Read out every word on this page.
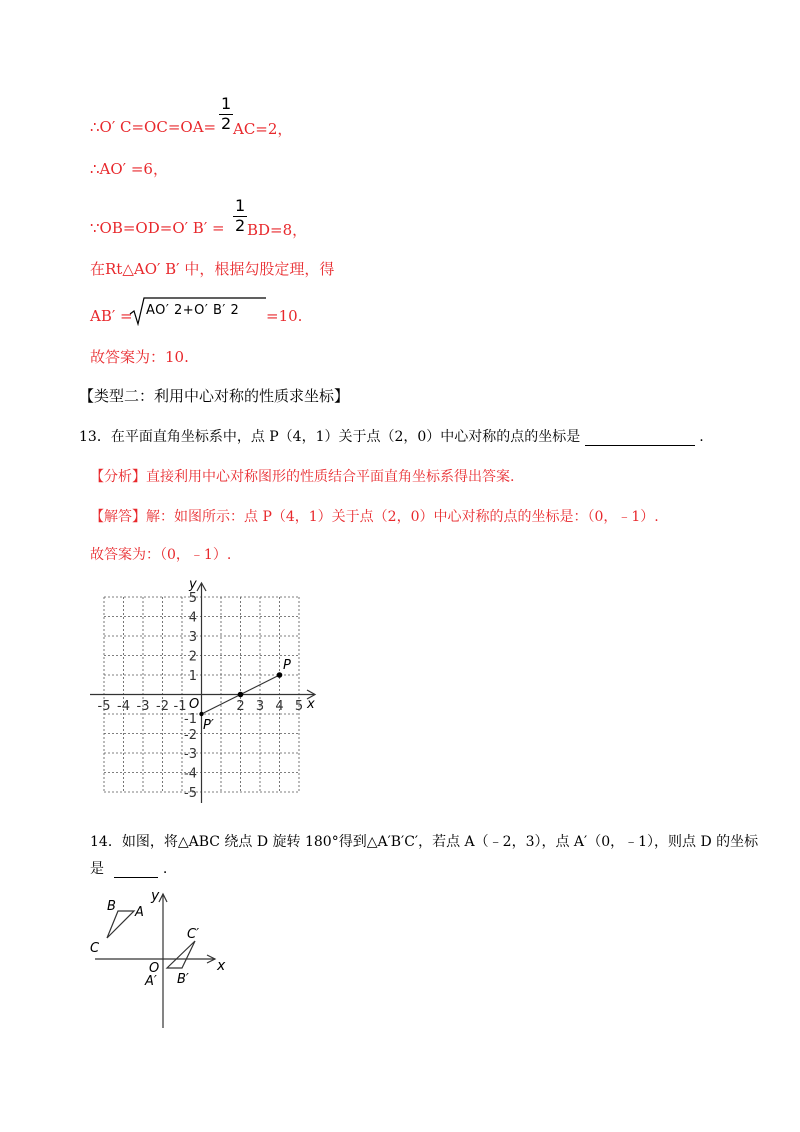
∴O′ C=OC=OA=
1
2 AC=2，
∴AO′ =6，
∵OB=OD=O′ B′ =
1
2 BD=8，
在Rt△AO′ B′ 中，根据勾股定理，得
AB′ = AO′ 2+O′ B′ 2 =10.
故答案为：10.
【类型二：利用中心对称的性质求坐标】
13．在平面直角坐标系中，点 P（4，1）关于点（2，0）中心对称的点的坐标是	.
【分析】直接利用中心对称图形的性质结合平面直角坐标系得出答案.
【解答】解：如图所示：点 P（4，1）关于点（2，0）中心对称的点的坐标是：（0，﹣1）.
故答案为：（0，﹣1）.
x
y
O
-5 -4 -3 -2 -1	2 3 4 5
5
4
3
2
1
-1
-2
-3
-4
-5
P
P′
14．如图，将△ABC 绕点 D 旋转 180°得到△A′B′C′，若点 A（﹣2，3），点 A′（0，﹣1），则点 D 的坐标
是	.
x
y
O
B A
C
C′
A′ B′
